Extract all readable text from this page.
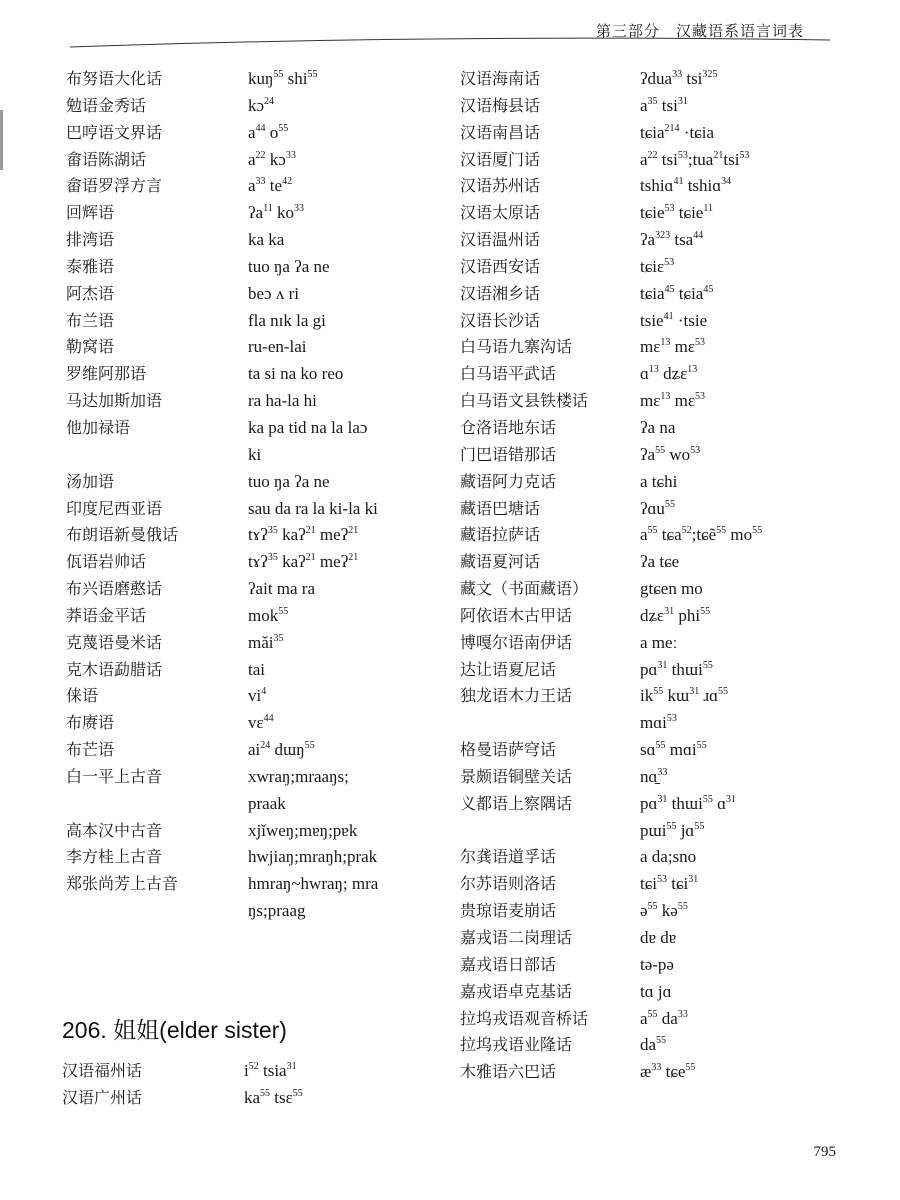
第三部分　汉藏语系语言词表
布努语大化话	kuŋ$^{55}$ shi$^{55}$
勉语金秀话	kɔ$^{24}$
巴哼语文界话	$a^{44}$ $o^{55}$
畲语陈湖话	$a^{22}$ kɔ$^{33}$
畲语罗浮方言	$a^{33}$ $te^{42}$
回辉语	ʔa$^{11}$ $ko^{33}$
排湾语	ka ka
泰雅语	tuo ŋa ʔa ne
阿杰语	beɔ ʌ ri
布兰语	fla nɪk la gi
勒窝语	ru-en-lai
罗维阿那语	ta si na ko reo
马达加斯加语	ra ha-la hi
他加禄语	ka pa tid na la laɔ
ki
汤加语	tuo ŋa ʔa ne
印度尼西亚语	sau da ra la ki-la ki
布朗语新曼俄话	tɤʔ$^{35}$ kaʔ$^{21}$ meʔ$^{21}$
佤语岩帅话	tɤʔ$^{35}$ kaʔ$^{21}$ meʔ$^{21}$
布兴语磨憨话	ʔait ma ra
莽语金平话	mok$^{55}$
克蔑语曼米话	mǎi$^{35}$
克木语勐腊话	tai
俫语	$vi^4$
布赓语	vɛ$^{44}$
布芒语	$ai^{24}$ dɯŋ$^{55}$
白一平上古音	xwraŋ;mraaŋs;
praak
高本汉中古音	xjǐweŋ;mɐŋ;pɐk
李方桂上古音	hwjiaŋ;mraŋh;prak
郑张尚芳上古音	hmraŋ~hwraŋ; mra
ŋs;praag
汉语海南话	ʔdua$^{33}$ tsi$^{325}$
汉语梅县话	$a^{35}$ tsi$^{31}$
汉语南昌话	tɕia$^{214}$ ·tɕia
汉语厦门话	$a^{22}$ tsi$^{53}$;tua$^{21}$tsi$^{53}$
汉语苏州话	tshiɑ$^{41}$ tshiɑ$^{34}$
汉语太原话	tɕie$^{53}$ tɕie$^{11}$
汉语温州话	ʔa$^{323}$ tsa$^{44}$
汉语西安话	tɕiɛ$^{53}$
汉语湘乡话	tɕia$^{45}$ tɕia$^{45}$
汉语长沙话	tsie$^{41}$ ·tsie
白马语九寨沟话	mɛ$^{13}$ mɛ$^{53}$
白马语平武话	ɑ$^{13}$ dʑɛ$^{13}$
白马语文县铁楼话	mɛ$^{13}$ mɛ$^{53}$
仓洛语地东话	ʔa na
门巴语错那话	ʔa$^{55}$ $wo^{53}$
藏语阿力克话	a tɕhi
藏语巴塘话	ʔɑu$^{55}$
藏语拉萨话	$a^{55}$ tɕa$^{52}$;tɕẽ$^{55}$ $mo^{55}$
藏语夏河话	ʔa tɕe
藏文（书面藏语）	gtɕen mo
阿依语木古甲话	dʑɛ$^{31}$ phi$^{55}$
博嘎尔语南伊话	a meː
达让语夏尼话	pɑ$^{31}$ thɯi$^{55}$
独龙语木力王话	$ik^{55}$ kɯ$^{31}$ ɹɑ$^{55}$
mɑi$^{53}$
格曼语萨穹话	sɑ$^{55}$ mɑi$^{55}$
景颇语铜壁关话	nɑ̱$^{33}$
义都语上察隅话	pɑ$^{31}$ thɯi$^{55}$ ɑ$^{31}$
pɯi$^{55}$ jɑ$^{55}$
尔龚语道孚话	a da;sno
尔苏语则洛话	tɕi$^{53}$ tɕi$^{31}$
贵琼语麦崩话	ə$^{55}$ kə$^{55}$
嘉戎语二岗理话	dɐ dɐ
嘉戎语日部话	tə-pə
嘉戎语卓克基话	tɑ jɑ
拉坞戎语观音桥话	$a^{55}$ $da^{33}$
拉坞戎语业隆话	$da^{55}$
木雅语六巴话	$æ^{33}$ tɕe$^{55}$
206. 姐姐(elder sister)
汉语福州话	$i^{52}$ tsia$^{31}$
汉语广州话	$ka^{55}$ tsɛ$^{55}$
795
